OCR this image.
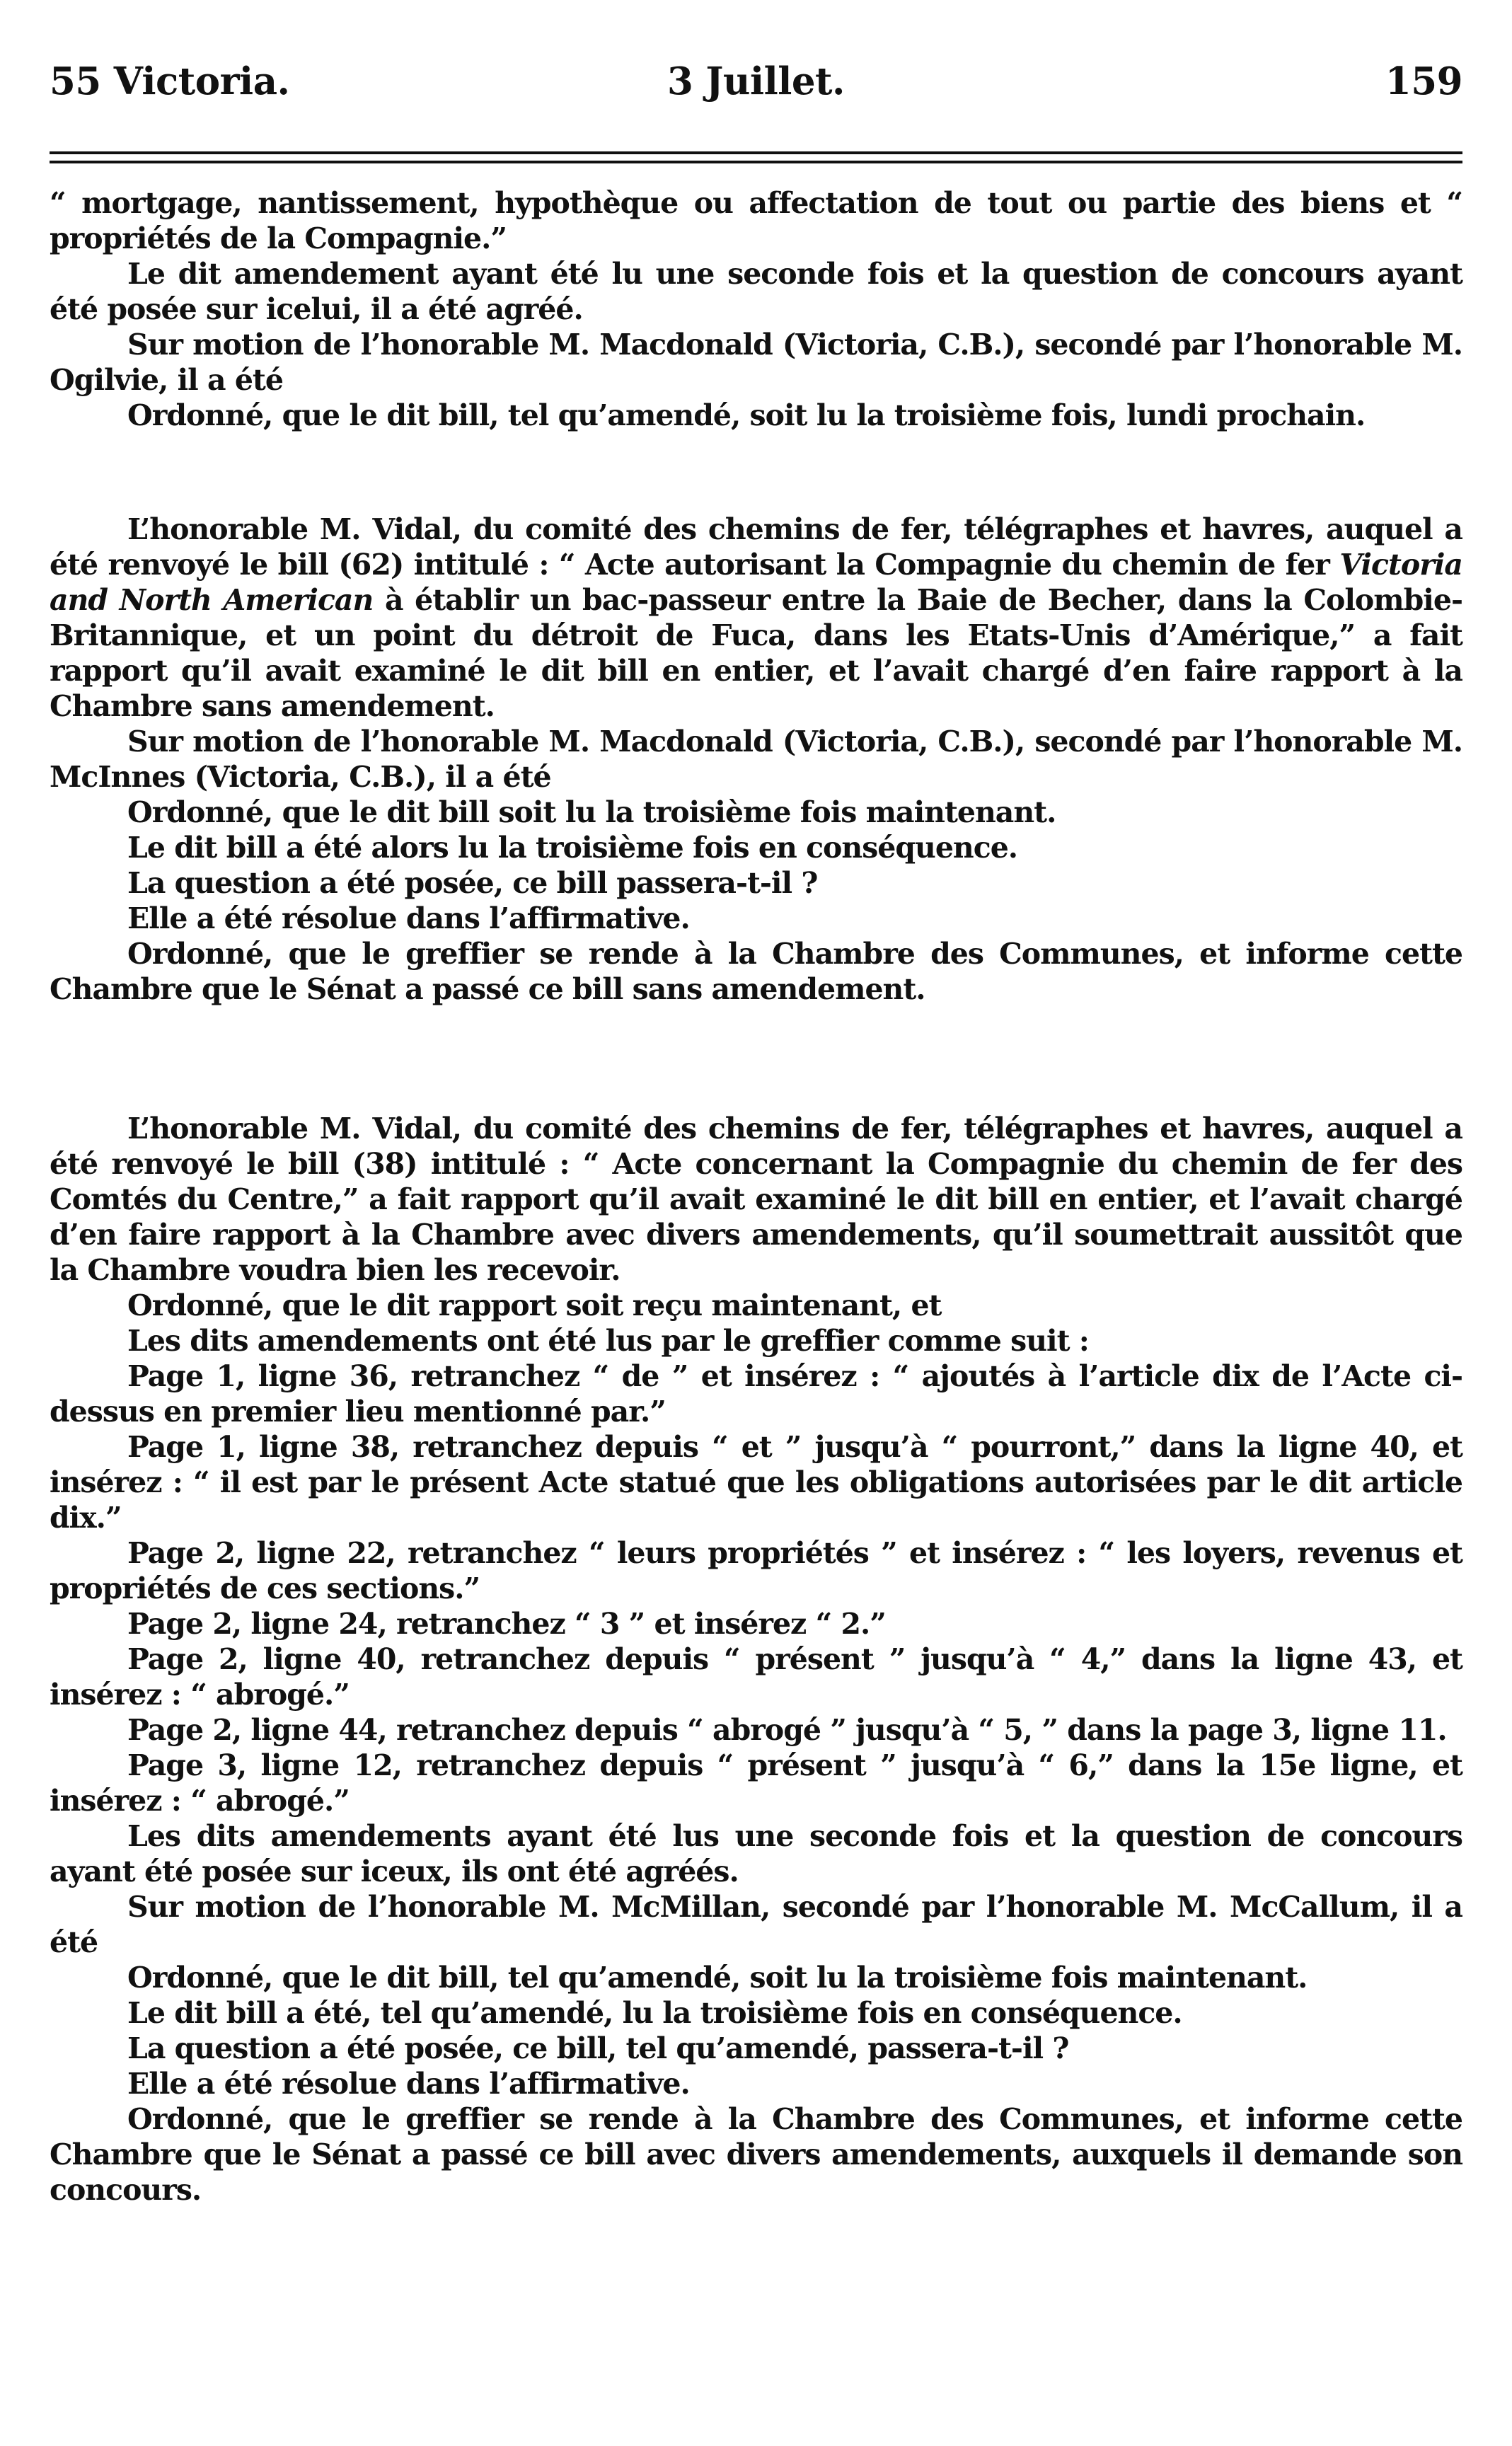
55 Victoria.	3 Juillet.	159

“ mortgage, nantissement, hypothèque ou affectation de tout ou partie des biens et “ propriétés de la Compagnie.”

Le dit amendement ayant été lu une seconde fois et la question de concours ayant été posée sur icelui, il a été agréé.

Sur motion de l’honorable M. Macdonald (Victoria, C.B.), secondé par l’honorable M. Ogilvie, il a été

Ordonné, que le dit bill, tel qu’amendé, soit lu la troisième fois, lundi prochain.

L’honorable M. Vidal, du comité des chemins de fer, télégraphes et havres, auquel a été renvoyé le bill (62) intitulé : “ Acte autorisant la Compagnie du chemin de fer Victoria and North American à établir un bac-passeur entre la Baie de Becher, dans la Colombie-Britannique, et un point du détroit de Fuca, dans les Etats-Unis d’Amérique,” a fait rapport qu’il avait examiné le dit bill en entier, et l’avait chargé d’en faire rapport à la Chambre sans amendement.

Sur motion de l’honorable M. Macdonald (Victoria, C.B.), secondé par l’honorable M. McInnes (Victoria, C.B.), il a été

Ordonné, que le dit bill soit lu la troisième fois maintenant.

Le dit bill a été alors lu la troisième fois en conséquence.

La question a été posée, ce bill passera-t-il ?

Elle a été résolue dans l’affirmative.

Ordonné, que le greffier se rende à la Chambre des Communes, et informe cette Chambre que le Sénat a passé ce bill sans amendement.

L’honorable M. Vidal, du comité des chemins de fer, télégraphes et havres, auquel a été renvoyé le bill (38) intitulé : “ Acte concernant la Compagnie du chemin de fer des Comtés du Centre,” a fait rapport qu’il avait examiné le dit bill en entier, et l’avait chargé d’en faire rapport à la Chambre avec divers amendements, qu’il soumettrait aussitôt que la Chambre voudra bien les recevoir.

Ordonné, que le dit rapport soit reçu maintenant, et

Les dits amendements ont été lus par le greffier comme suit :

Page 1, ligne 36, retranchez “ de ” et insérez : “ ajoutés à l’article dix de l’Acte ci-dessus en premier lieu mentionné par.”

Page 1, ligne 38, retranchez depuis “ et ” jusqu’à “ pourront,” dans la ligne 40, et insérez : “ il est par le présent Acte statué que les obligations autorisées par le dit article dix.”

Page 2, ligne 22, retranchez “ leurs propriétés ” et insérez : “ les loyers, revenus et propriétés de ces sections.”

Page 2, ligne 24, retranchez “ 3 ” et insérez “ 2.”

Page 2, ligne 40, retranchez depuis “ présent ” jusqu’à “ 4,” dans la ligne 43, et insérez : “ abrogé.”

Page 2, ligne 44, retranchez depuis “ abrogé ” jusqu’à “ 5, ” dans la page 3, ligne 11.

Page 3, ligne 12, retranchez depuis “ présent ” jusqu’à “ 6,” dans la 15e ligne, et insérez : “ abrogé.”

Les dits amendements ayant été lus une seconde fois et la question de concours ayant été posée sur iceux, ils ont été agréés.

Sur motion de l’honorable M. McMillan, secondé par l’honorable M. McCallum, il a été

Ordonné, que le dit bill, tel qu’amendé, soit lu la troisième fois maintenant.

Le dit bill a été, tel qu’amendé, lu la troisième fois en conséquence.

La question a été posée, ce bill, tel qu’amendé, passera-t-il ?

Elle a été résolue dans l’affirmative.

Ordonné, que le greffier se rende à la Chambre des Communes, et informe cette Chambre que le Sénat a passé ce bill avec divers amendements, auxquels il demande son concours.
